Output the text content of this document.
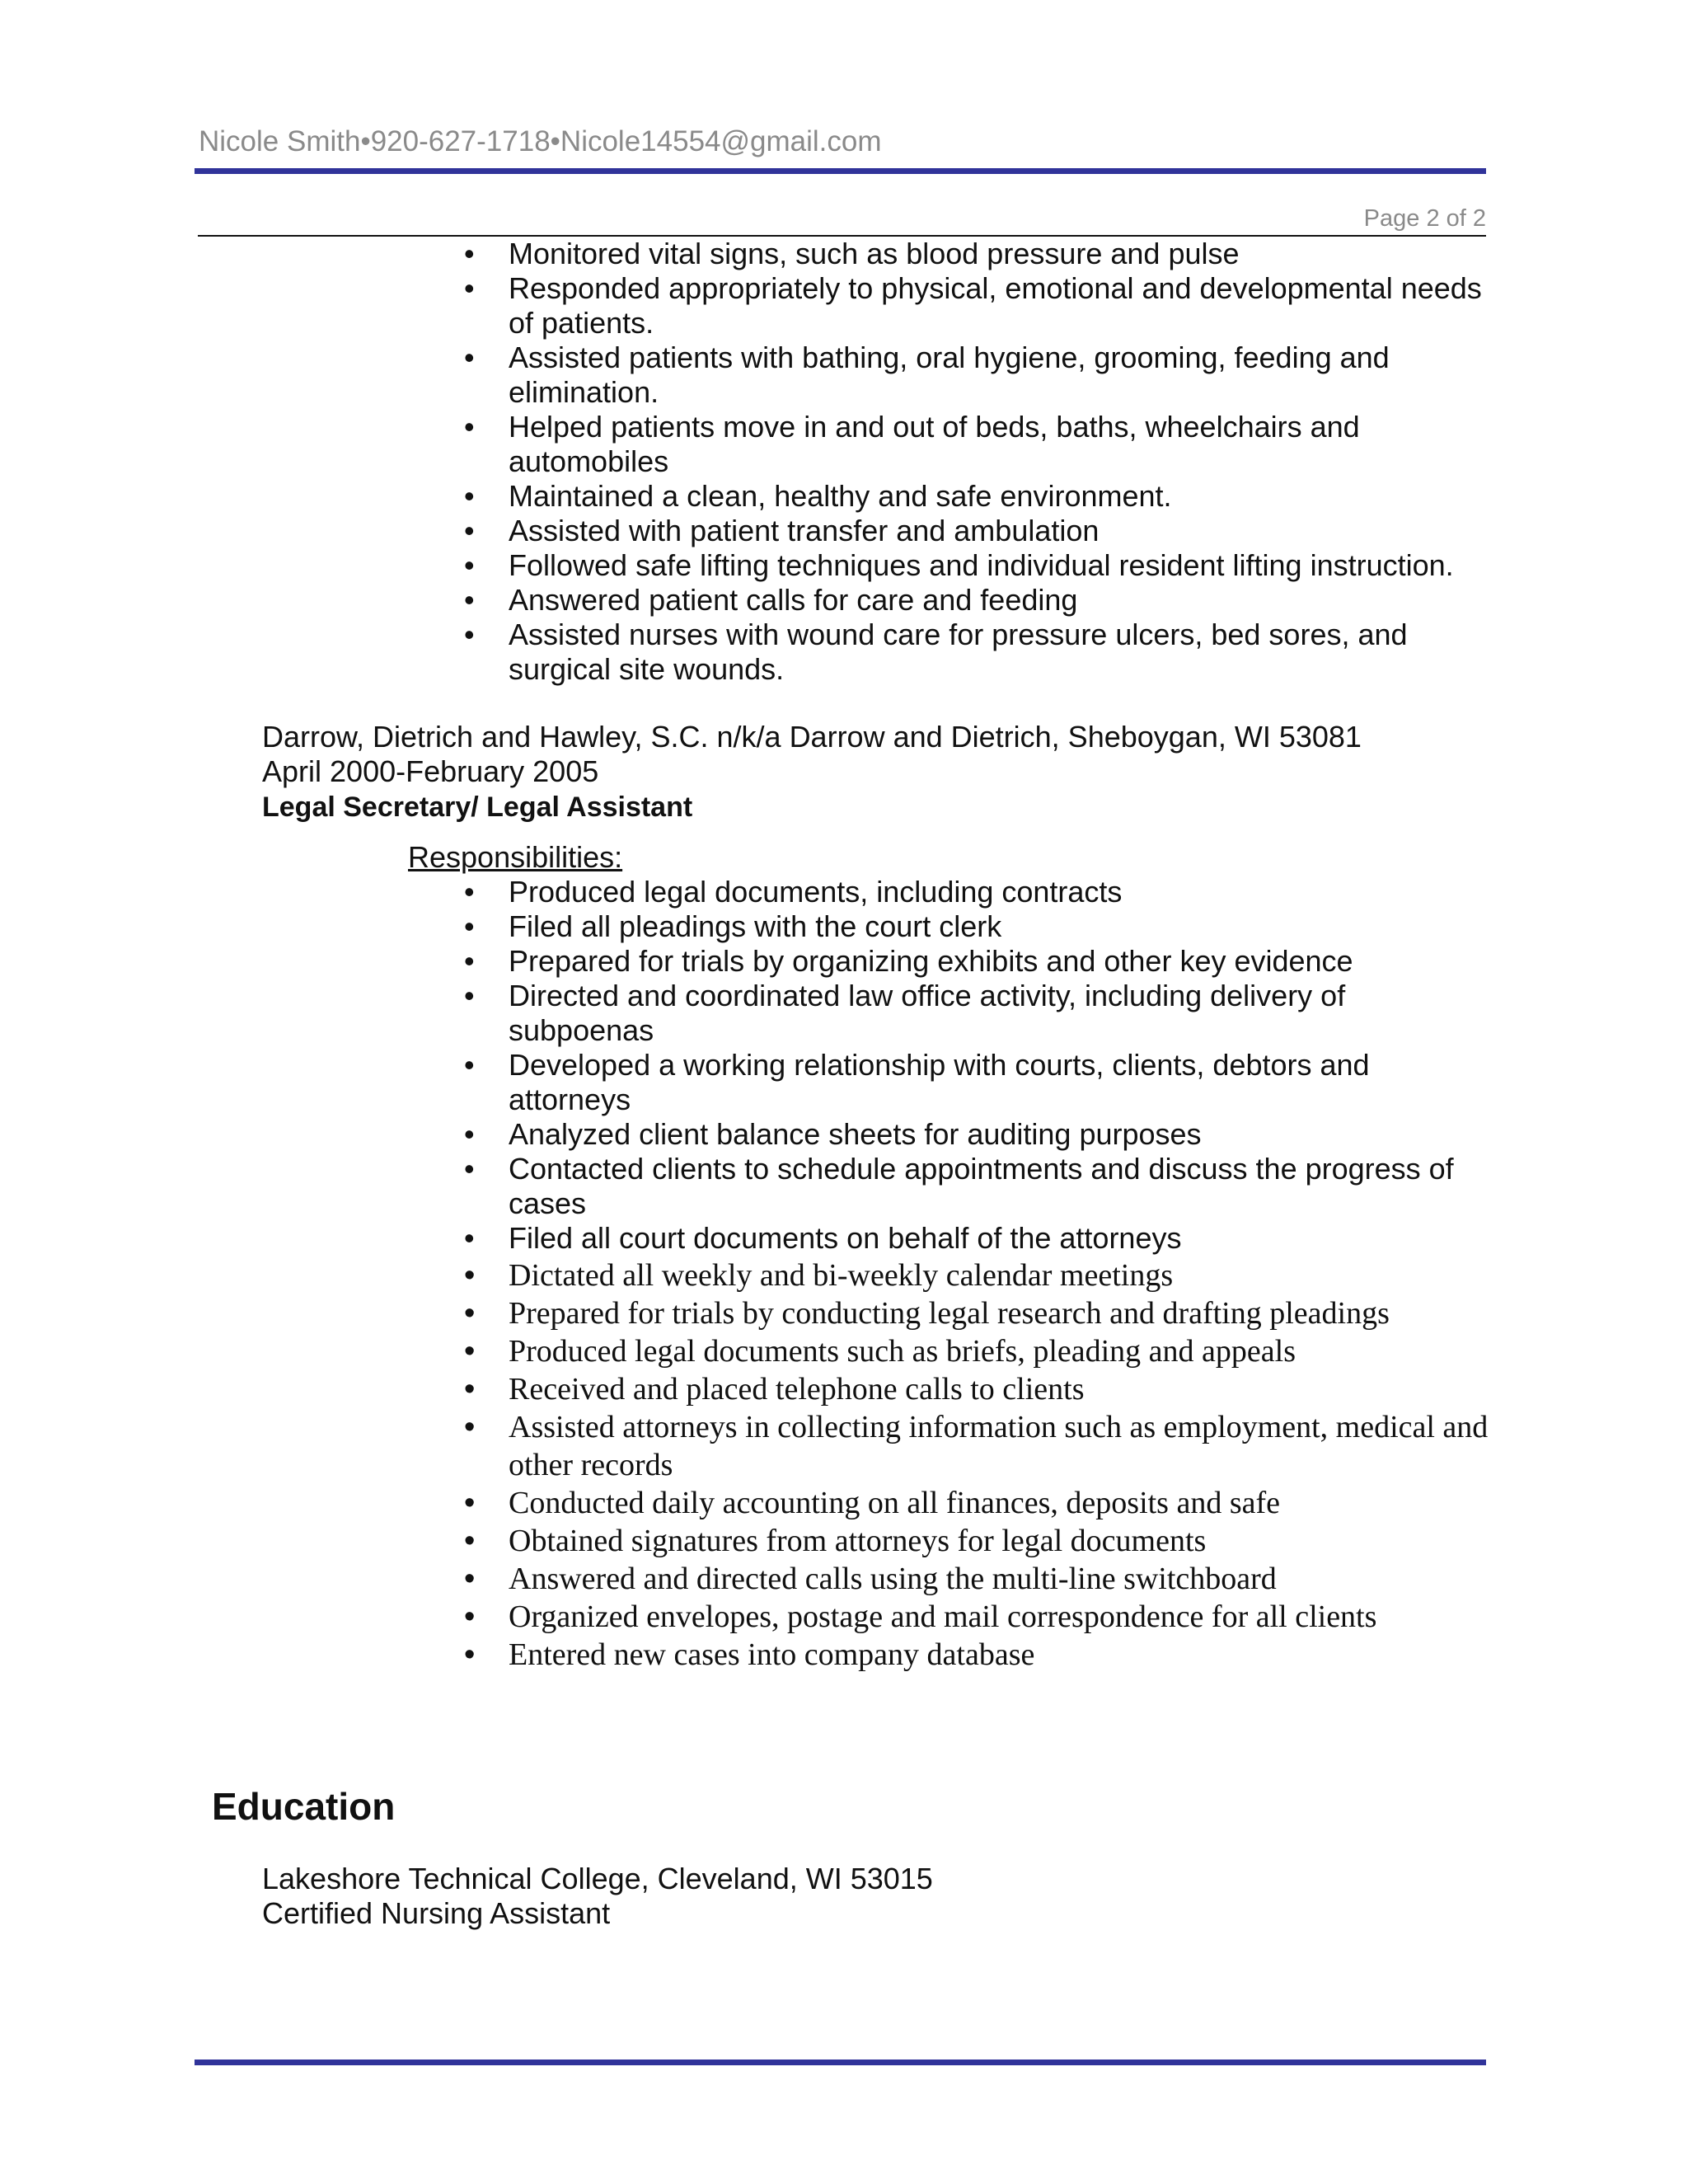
Nicole Smith•920-627-1718•Nicole14554@gmail.com
Page 2 of 2
• Monitored vital signs, such as blood pressure and pulse
• Responded appropriately to physical, emotional and developmental needs of patients.
• Assisted patients with bathing, oral hygiene, grooming, feeding and elimination.
• Helped patients move in and out of beds, baths, wheelchairs and automobiles
• Maintained a clean, healthy and safe environment.
• Assisted with patient transfer and ambulation
• Followed safe lifting techniques and individual resident lifting instruction.
• Answered patient calls for care and feeding
• Assisted nurses with wound care for pressure ulcers, bed sores, and surgical site wounds.
Darrow, Dietrich and Hawley, S.C. n/k/a Darrow and Dietrich, Sheboygan, WI 53081
April 2000-February 2005
Legal Secretary/ Legal Assistant
Responsibilities:
• Produced legal documents, including contracts
• Filed all pleadings with the court clerk
• Prepared for trials by organizing exhibits and other key evidence
• Directed and coordinated law office activity, including delivery of subpoenas
• Developed a working relationship with courts, clients, debtors and attorneys
• Analyzed client balance sheets for auditing purposes
• Contacted clients to schedule appointments and discuss the progress of cases
• Filed all court documents on behalf of the attorneys
• Dictated all weekly and bi-weekly calendar meetings
• Prepared for trials by conducting legal research and drafting pleadings
• Produced legal documents such as briefs, pleading and appeals
• Received and placed telephone calls to clients
• Assisted attorneys in collecting information such as employment, medical and other records
• Conducted daily accounting on all finances, deposits and safe
• Obtained signatures from attorneys for legal documents
• Answered and directed calls using the multi-line switchboard
• Organized envelopes, postage and mail correspondence for all clients
• Entered new cases into company database
Education
Lakeshore Technical College, Cleveland, WI 53015
Certified Nursing Assistant
